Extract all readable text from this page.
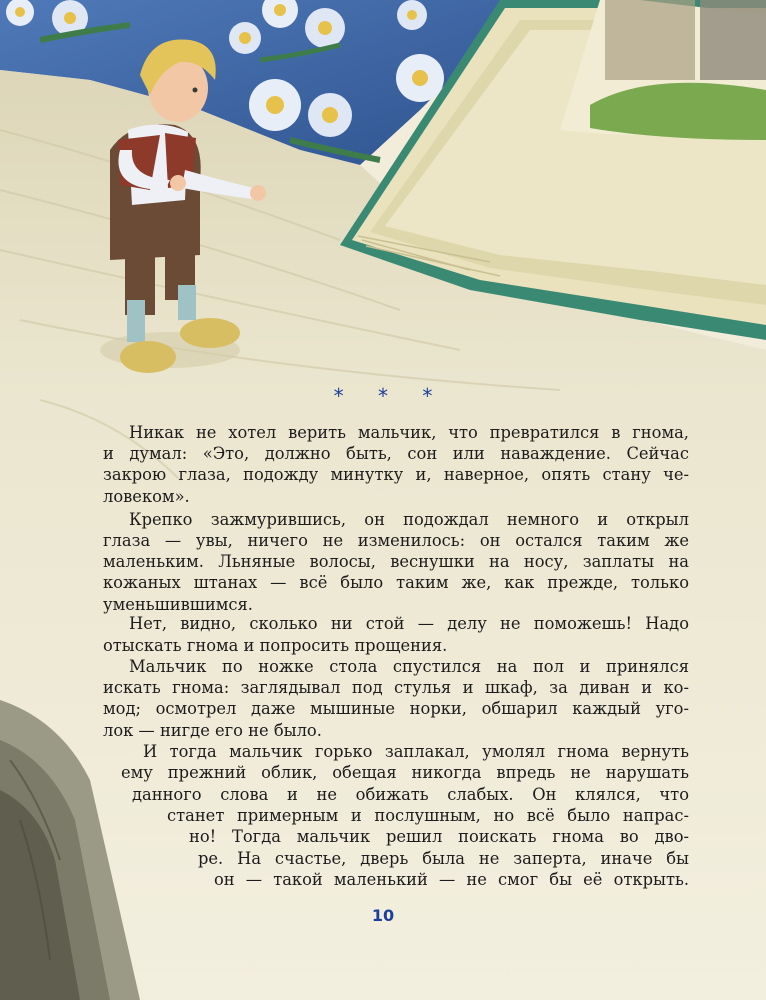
* * *
Никак не хотел верить мальчик, что превратился в гнома,
и думал: «Это, должно быть, сон или наваждение. Сейчас
закрою глаза, подожду минутку и, наверное, опять стану че-
ловеком».
Крепко зажмурившись, он подождал немного и открыл
глаза — увы, ничего не изменилось: он остался таким же
маленьким. Льняные волосы, веснушки на носу, заплаты на
кожаных штанах — всё было таким же, как прежде, только
уменьшившимся.
Нет, видно, сколько ни стой — делу не поможешь! Надо
отыскать гнома и попросить прощения.
Мальчик по ножке стола спустился на пол и принялся
искать гнома: заглядывал под стулья и шкаф, за диван и ко-
мод; осмотрел даже мышиные норки, обшарил каждый уго-
лок — нигде его не было.
И тогда мальчик горько заплакал, умолял гнома вернуть
ему прежний облик, обещая никогда впредь не нарушать
данного слова и не обижать слабых. Он клялся, что
станет примерным и послушным, но всё было напрас-
но! Тогда мальчик решил поискать гнома во дво-
ре. На счастье, дверь была не заперта, иначе бы
он — такой маленький — не смог бы её открыть.
10
